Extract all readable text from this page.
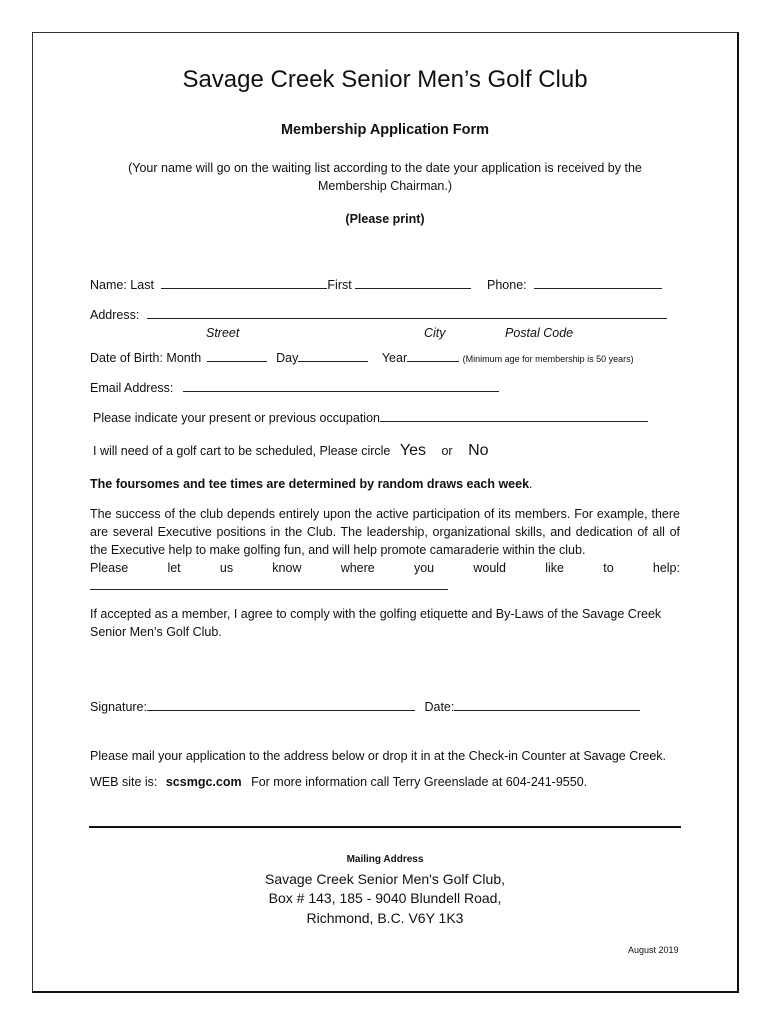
Savage Creek Senior Men’s Golf Club
Membership Application Form
(Your name will go on the waiting list according to the date your application is received by the Membership Chairman.)
(Please print)
Name: Last	First	Phone:
Address:
Street	City	Postal Code
Date of Birth: Month	Day	Year	(Minimum age for membership is 50 years)
Email Address:
Please indicate your present or previous occupation
I will need of a golf cart to be scheduled, Please circle Yes or No
The foursomes and tee times are determined by random draws each week.
The success of the club depends entirely upon the active participation of its members. For example, there are several Executive positions in the Club. The leadership, organizational skills, and dedication of all of the Executive help to make golfing fun, and will help promote camaraderie within the club.
Please	let	us	know	where	you	would	like	to	help:
If accepted as a member, I agree to comply with the golfing etiquette and By-Laws of the Savage Creek Senior Men’s Golf Club.
Signature:	Date:
Please mail your application to the address below or drop it in at the Check-in Counter at Savage Creek.
WEB site is: scsmgc.com For more information call Terry Greenslade at 604-241-9550.
Mailing Address
Savage Creek Senior Men's Golf Club,
Box # 143, 185 - 9040 Blundell Road,
Richmond, B.C. V6Y 1K3
August 2019
